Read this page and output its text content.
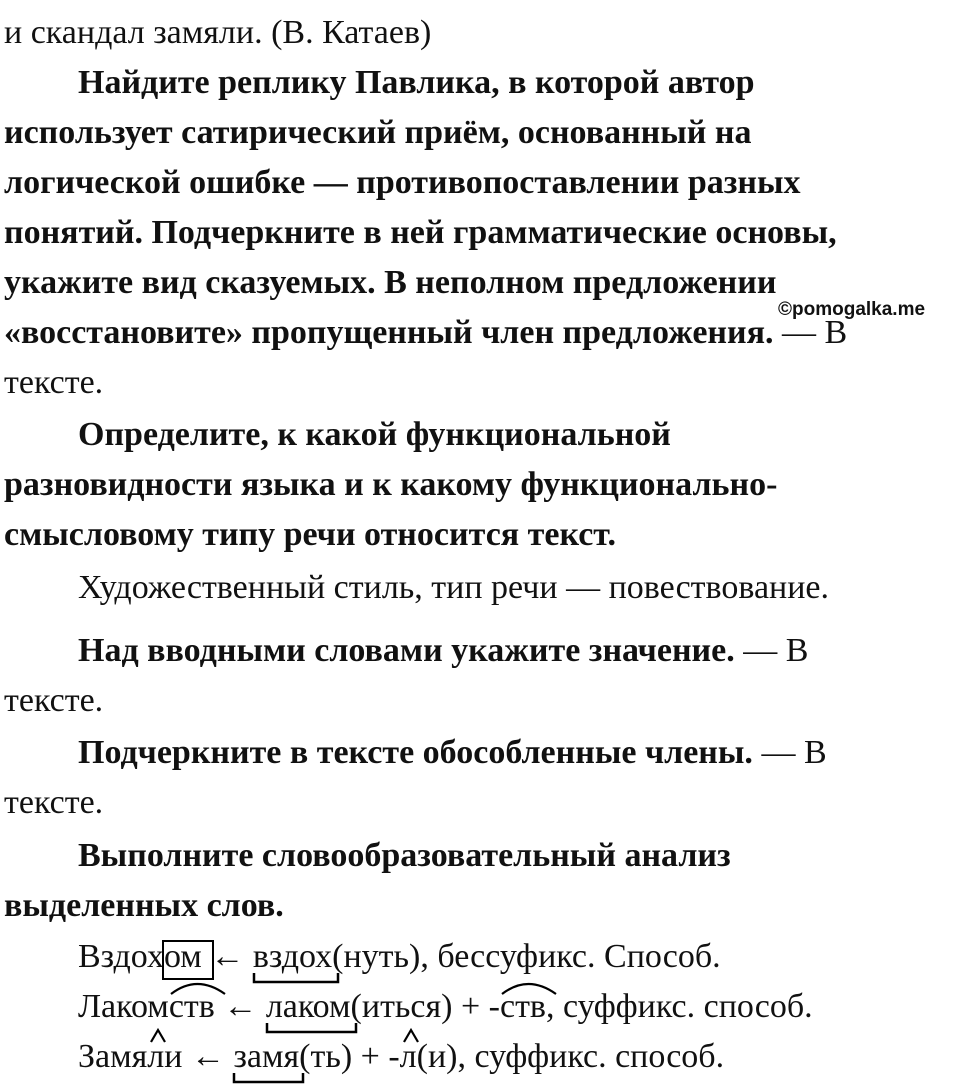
и скандал замяли. (В. Катаев)
Найдите реплику Павлика, в которой автор
использует сатирический приём, основанный на
логической ошибке — противопоставлении разных
понятий. Подчеркните в ней грамматические основы,
укажите вид сказуемых. В неполном предложении
©pomogalka.me
«восстановите» пропущенный член предложения. — В
тексте.
Определите, к какой функциональной
разновидности языка и к какому функционально-
смысловому типу речи относится текст.
Художественный стиль, тип речи — повествование.
Над вводными словами укажите значение. — В
тексте.
Подчеркните в тексте обособленные члены. — В
тексте.
Выполните словообразовательный анализ
выделенных слов.
Вздохом
← вздох
(нуть), бессуфикс. Способ.
Лакомств
← лаком
(иться) + -ств
, суффикс. способ.
Замял
и ← замя
(ть) + -л
(и), суффикс. способ.
